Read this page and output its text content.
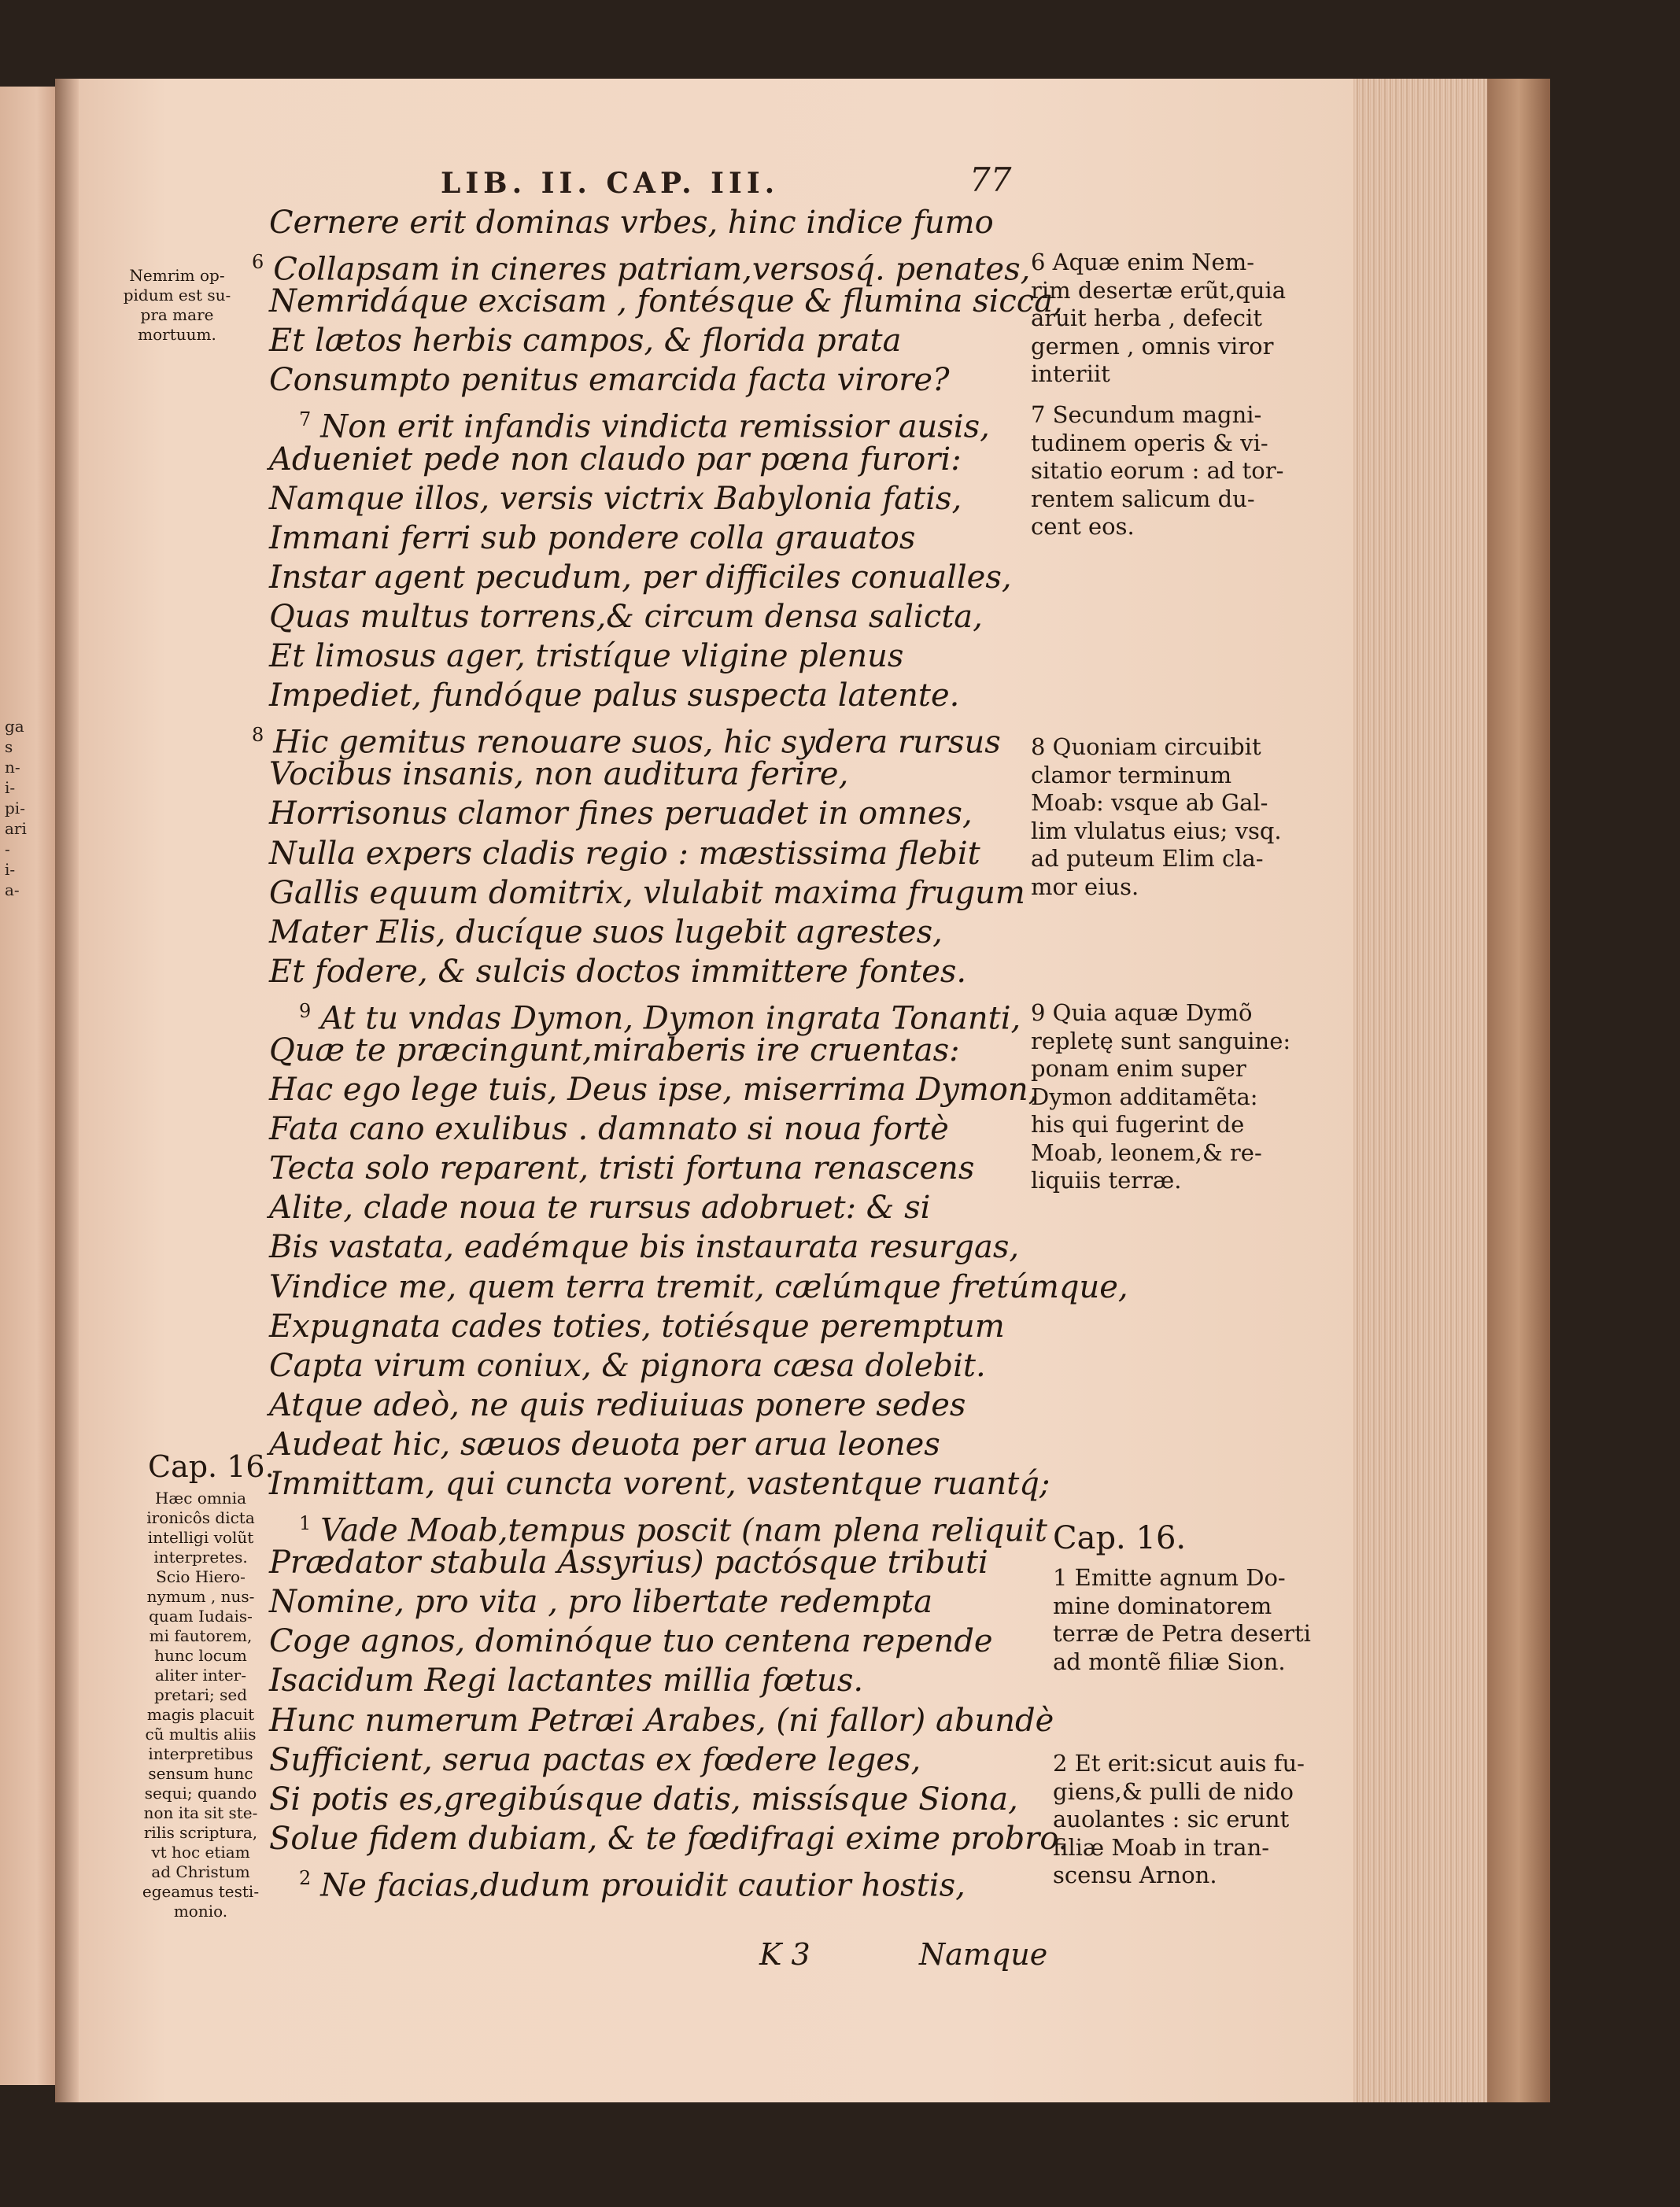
ga
s
n-
i-
pi-
ari
-
i-
a-
LIB. II. CAP. III.	77
Cernere erit dominas vrbes, hinc indice fumo
$^6$ Collapsam in cineres patriam,versosq́. penates,
Nemridáque excisam , fontésque & flumina sicca,
Et lætos herbis campos, & florida prata
Consumpto penitus emarcida facta virore?
$^7$ Non erit infandis vindicta remissior ausis,
Adueniet pede non claudo par pœna furori:
Namque illos, versis victrix Babylonia fatis,
Immani ferri sub pondere colla grauatos
Instar agent pecudum, per difficiles conualles,
Quas multus torrens,& circum densa salicta,
Et limosus ager, tristíque vligine plenus
Impediet, fundóque palus suspecta latente.
$^8$ Hic gemitus renouare suos, hic sydera rursus
Vocibus insanis, non auditura ferire,
Horrisonus clamor fines peruadet in omnes,
Nulla expers cladis regio : mæstissima flebit
Gallis equum domitrix, vlulabit maxima frugum
Mater Elis, ducíque suos lugebit agrestes,
Et fodere, & sulcis doctos immittere fontes.
$^9$ At tu vndas Dymon, Dymon ingrata Tonanti,
Quæ te præcingunt,miraberis ire cruentas:
Hac ego lege tuis, Deus ipse, miserrima Dymon,
Fata cano exulibus . damnato si noua fortè
Tecta solo reparent, tristi fortuna renascens
Alite, clade noua te rursus adobruet: & si
Bis vastata, eadémque bis instaurata resurgas,
Vindice me, quem terra tremit, cælúmque fretúmque,
Expugnata cades toties, totiésque peremptum
Capta virum coniux, & pignora cæsa dolebit.
Atque adeò, ne quis rediuiuas ponere sedes
Audeat hic, sæuos deuota per arua leones
Immittam, qui cuncta vorent, vastentque ruantq́;
$^1$ Vade Moab,tempus poscit (nam plena reliquit
Prædator stabula Assyrius) pactósque tributi
Nomine, pro vita , pro libertate redempta
Coge agnos, dominóque tuo centena repende
Isacidum Regi lactantes millia fœtus.
Hunc numerum Petræi Arabes, (ni fallor) abundè
Sufficient, serua pactas ex fœdere leges,
Si potis es,gregibúsque datis, missísque Siona,
Solue fidem dubiam, & te fœdifragi exime probro.
$^2$ Ne facias,dudum prouidit cautior hostis,
Nemrim op-
pidum est su-
pra mare
mortuum.
Cap. 16.
Hæc omnia
ironicôs dicta
intelligi volũt
interpretes.
Scio Hiero-
nymum , nus-
quam Iudais-
mi fautorem,
hunc locum
aliter inter-
pretari; sed
magis placuit
cũ multis aliis
interpretibus
sensum hunc
sequi; quando
non ita sit ste-
rilis scriptura,
vt hoc etiam
ad Christum
egeamus testi-
monio.
6 Aquæ enim Nem-
rim desertæ erũt,quia
aruit herba , defecit
germen , omnis viror
interiit
7 Secundum magni-
tudinem operis & vi-
sitatio eorum : ad tor-
rentem salicum du-
cent eos.
8 Quoniam circuibit
clamor terminum
Moab: vsque ab Gal-
lim vlulatus eius; vsq.
ad puteum Elim cla-
mor eius.
9 Quia aquæ Dymõ
repletę sunt sanguine:
ponam enim super
Dymon additamẽta:
his qui fugerint de
Moab, leonem,& re-
liquiis terræ.
Cap. 16.
1 Emitte agnum Do-
mine dominatorem
terræ de Petra deserti
ad montẽ filiæ Sion.
2 Et erit:sicut auis fu-
giens,& pulli de nido
auolantes : sic erunt
filiæ Moab in tran-
scensu Arnon.
K 3	Namque
